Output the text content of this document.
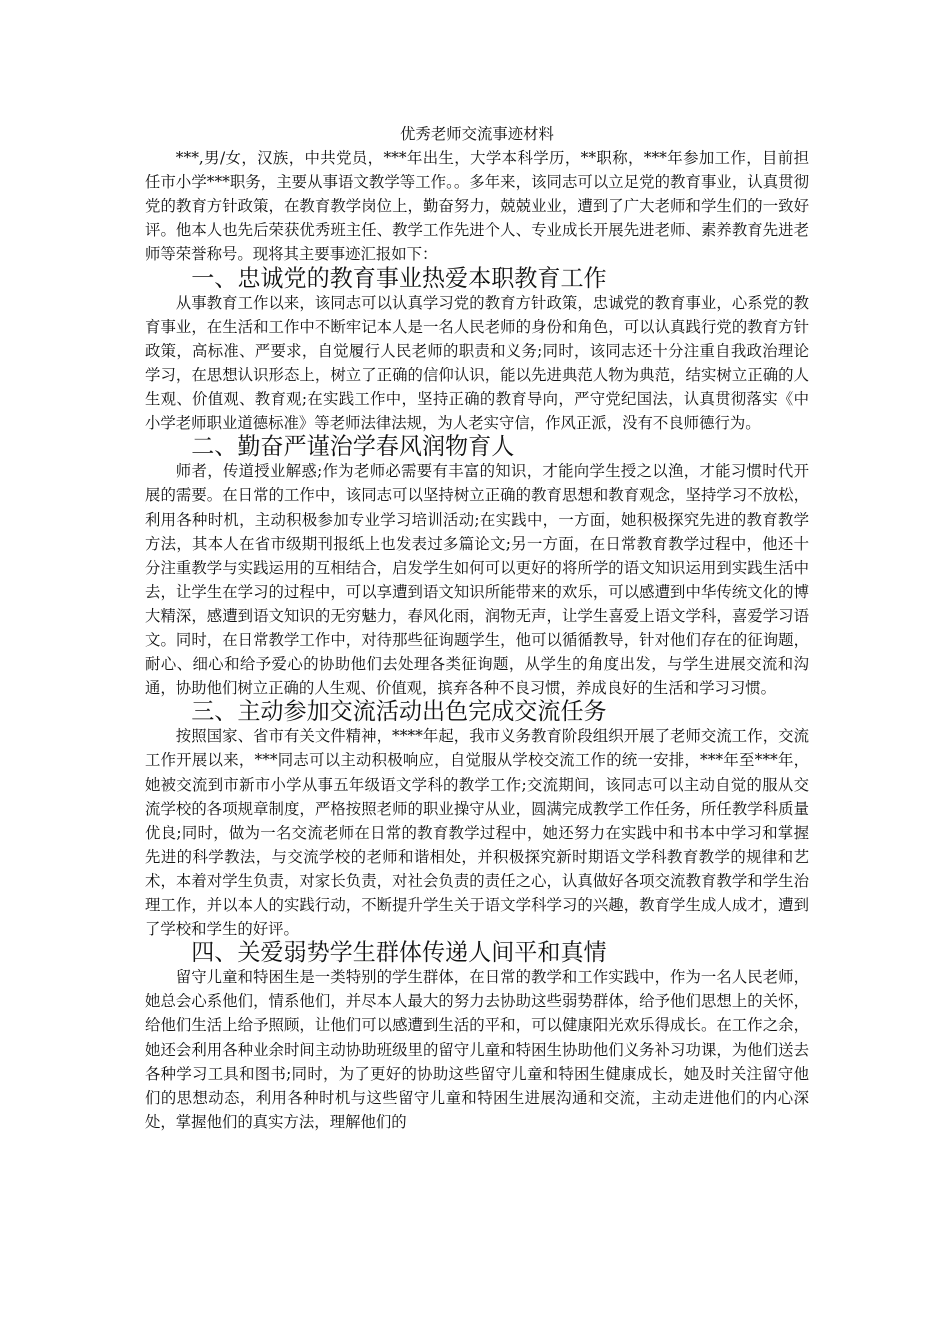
优秀老师交流事迹材料

***,男/女，汉族，中共党员，***年出生，大学本科学历，**职称，***年参加工作，目前担任市小学***职务，主要从事语文教学等工作。。多年来，该同志可以立足党的教育事业，认真贯彻党的教育方针政策，在教育教学岗位上，勤奋努力，兢兢业业，遭到了广大老师和学生们的一致好评。他本人也先后荣获优秀班主任、教学工作先进个人、专业成长开展先进老师、素养教育先进老师等荣誉称号。现将其主要事迹汇报如下：

一、忠诚党的教育事业热爱本职教育工作

从事教育工作以来，该同志可以认真学习党的教育方针政策，忠诚党的教育事业，心系党的教育事业，在生活和工作中不断牢记本人是一名人民老师的身份和角色，可以认真践行党的教育方针政策，高标准、严要求，自觉履行人民老师的职责和义务;同时，该同志还十分注重自我政治理论学习，在思想认识形态上，树立了正确的信仰认识，能以先进典范人物为典范，结实树立正确的人生观、价值观、教育观;在实践工作中，坚持正确的教育导向，严守党纪国法，认真贯彻落实《中小学老师职业道德标准》等老师法律法规，为人老实守信，作风正派，没有不良师德行为。

二、勤奋严谨治学春风润物育人

师者，传道授业解惑;作为老师必需要有丰富的知识，才能向学生授之以渔，才能习惯时代开展的需要。在日常的工作中，该同志可以坚持树立正确的教育思想和教育观念，坚持学习不放松，利用各种时机，主动积极参加专业学习培训活动;在实践中，一方面，她积极探究先进的教育教学方法，其本人在省市级期刊报纸上也发表过多篇论文;另一方面，在日常教育教学过程中，他还十分注重教学与实践运用的互相结合，启发学生如何可以更好的将所学的语文知识运用到实践生活中去，让学生在学习的过程中，可以享遭到语文知识所能带来的欢乐，可以感遭到中华传统文化的博大精深，感遭到语文知识的无穷魅力，春风化雨，润物无声，让学生喜爱上语文学科，喜爱学习语文。同时，在日常教学工作中，对待那些征询题学生，他可以循循教导，针对他们存在的征询题，耐心、细心和给予爱心的协助他们去处理各类征询题，从学生的角度出发，与学生进展交流和沟通，协助他们树立正确的人生观、价值观，摈弃各种不良习惯，养成良好的生活和学习习惯。

三、主动参加交流活动出色完成交流任务

按照国家、省市有关文件精神，****年起，我市义务教育阶段组织开展了老师交流工作，交流工作开展以来，***同志可以主动积极响应，自觉服从学校交流工作的统一安排，***年至***年，她被交流到市新市小学从事五年级语文学科的教学工作;交流期间，该同志可以主动自觉的服从交流学校的各项规章制度，严格按照老师的职业操守从业，圆满完成教学工作任务，所任教学科质量优良;同时，做为一名交流老师在日常的教育教学过程中，她还努力在实践中和书本中学习和掌握先进的科学教法，与交流学校的老师和谐相处，并积极探究新时期语文学科教育教学的规律和艺术，本着对学生负责，对家长负责，对社会负责的责任之心，认真做好各项交流教育教学和学生治理工作，并以本人的实践行动，不断提升学生关于语文学科学习的兴趣，教育学生成人成才，遭到了学校和学生的好评。

四、关爱弱势学生群体传递人间平和真情

留守儿童和特困生是一类特别的学生群体，在日常的教学和工作实践中，作为一名人民老师，她总会心系他们，情系他们，并尽本人最大的努力去协助这些弱势群体，给予他们思想上的关怀，给他们生活上给予照顾，让他们可以感遭到生活的平和，可以健康阳光欢乐得成长。在工作之余，她还会利用各种业余时间主动协助班级里的留守儿童和特困生协助他们义务补习功课，为他们送去各种学习工具和图书;同时，为了更好的协助这些留守儿童和特困生健康成长，她及时关注留守他们的思想动态，利用各种时机与这些留守儿童和特困生进展沟通和交流，主动走进他们的内心深处，掌握他们的真实方法，理解他们的
